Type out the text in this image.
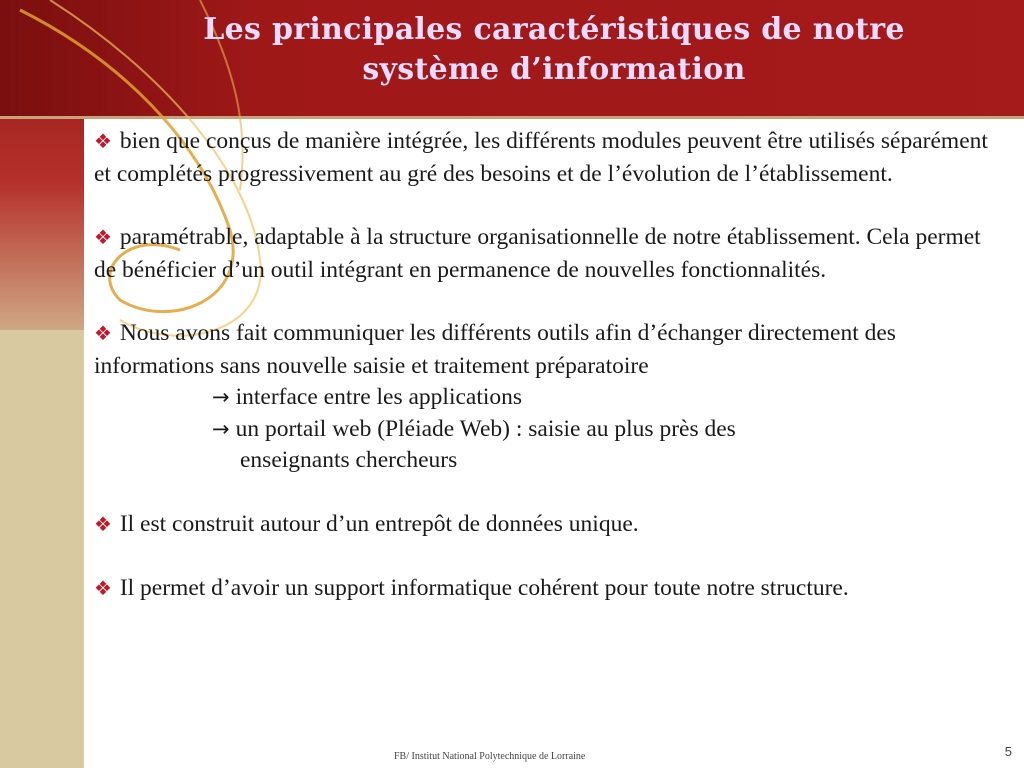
Les principales caractéristiques de notre
système d’information

❖ bien que conçus de manière intégrée, les différents modules peuvent être utilisés séparément et complétés progressivement au gré des besoins et de l’évolution de l’établissement.

❖ paramétrable, adaptable à la structure organisationnelle de notre établissement. Cela permet de bénéficier d’un outil intégrant en permanence de nouvelles fonctionnalités.

❖ Nous avons fait communiquer les différents outils afin d’échanger directement des informations sans nouvelle saisie et traitement préparatoire

→ interface entre les applications
→ un portail web (Pléiade Web) : saisie au plus près des
enseignants chercheurs

❖ Il est construit autour d’un entrepôt de données unique.

❖ Il permet d’avoir un support informatique cohérent pour toute notre structure.

FB/ Institut National Polytechnique de Lorraine	5
